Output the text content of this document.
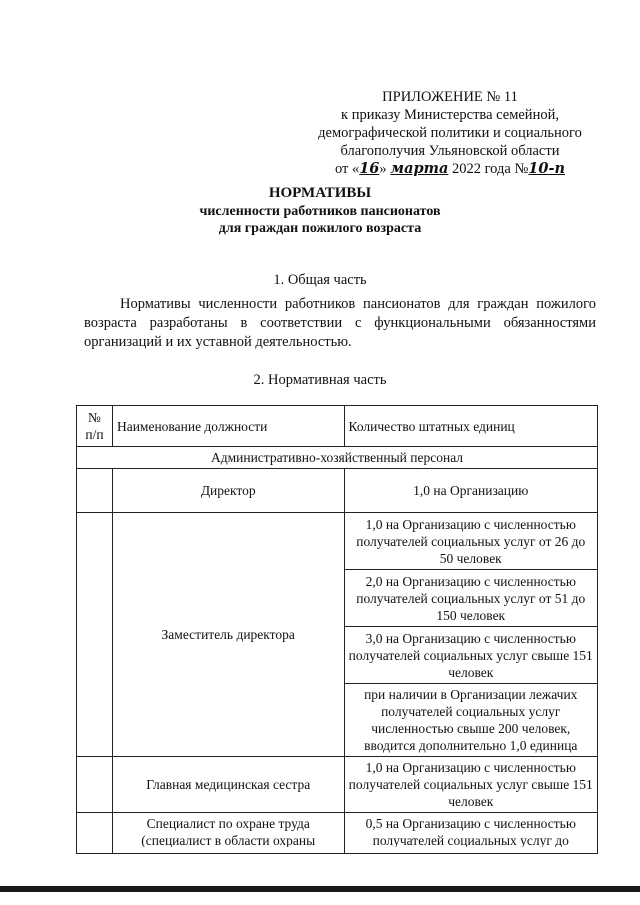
ПРИЛОЖЕНИЕ № 11
к приказу Министерства семейной,
демографической политики и социального
благополучия Ульяновской области
от «16» марта 2022 года №10-п
НОРМАТИВЫ
численности работников пансионатов
для граждан пожилого возраста
1. Общая часть
Нормативы численности работников пансионатов для граждан пожилого возраста разработаны в соответствии с функциональными обязанностями организаций и их уставной деятельностью.
2. Нормативная часть
№ п/п	Наименование должности	Количество штатных единиц
Административно-хозяйственный персонал		
	Директор	1,0 на Организацию
	Заместитель директора	1,0 на Организацию с численностью получателей социальных услуг от 26 до 50 человек
		2,0 на Организацию с численностью получателей социальных услуг от 51 до 150 человек
		3,0 на Организацию с численностью получателей социальных услуг свыше 151 человек
		при наличии в Организации лежачих получателей социальных услуг численностью свыше 200 человек, вводится дополнительно 1,0 единица
	Главная медицинская сестра	1,0 на Организацию с численностью получателей социальных услуг свыше 151 человек

	Специалист по охране труда (специалист в области охраны	0,5 на Организацию с численностью получателей социальных услуг до
